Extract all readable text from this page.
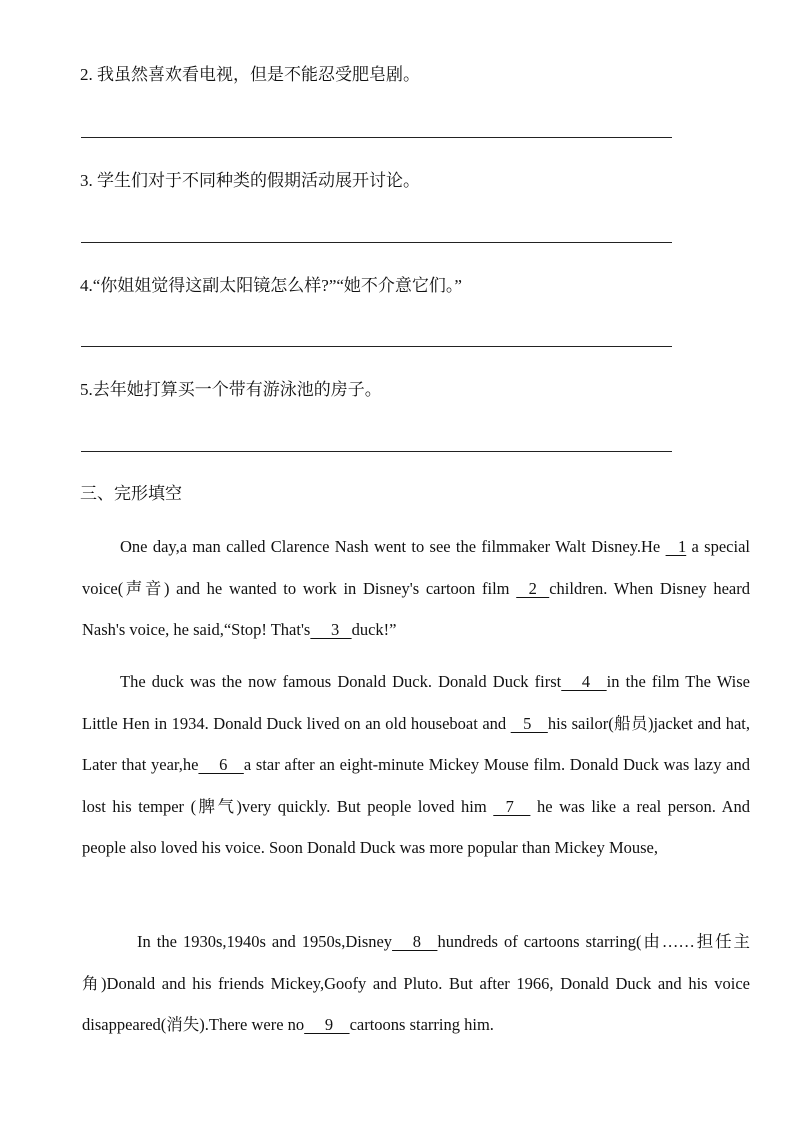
2. 我虽然喜欢看电视，但是不能忍受肥皂剧。
3. 学生们对于不同种类的假期活动展开讨论。
4.“你姐姐觉得这副太阳镜怎么样?”“她不介意它们。”
5.去年她打算买一个带有游泳池的房子。
三、完形填空
One day,a man called Clarence Nash went to see the filmmaker Walt Disney.He    1 a special voice(声音) and he wanted to work in Disney's cartoon film    2   children. When Disney heard Nash's voice, he said,“Stop! That's     3   duck!”
The duck was the now famous Donald Duck. Donald Duck first     4    in the film The Wise Little Hen in 1934. Donald Duck lived on an old houseboat and    5    his sailor(船员)jacket and hat, Later that year,he     6    a star after an eight-minute Mickey Mouse film. Donald Duck was lazy and lost his temper (脾气)very quickly. But people loved him    7     he was like a real person. And people also loved his voice. Soon Donald Duck was more popular than Mickey Mouse,
In the 1930s,1940s and 1950s,Disney     8    hundreds of cartoons starring(由……担任主角)Donald and his friends Mickey,Goofy and Pluto. But after 1966, Donald Duck and his voice disappeared(消失).There were no     9    cartoons starring him.
